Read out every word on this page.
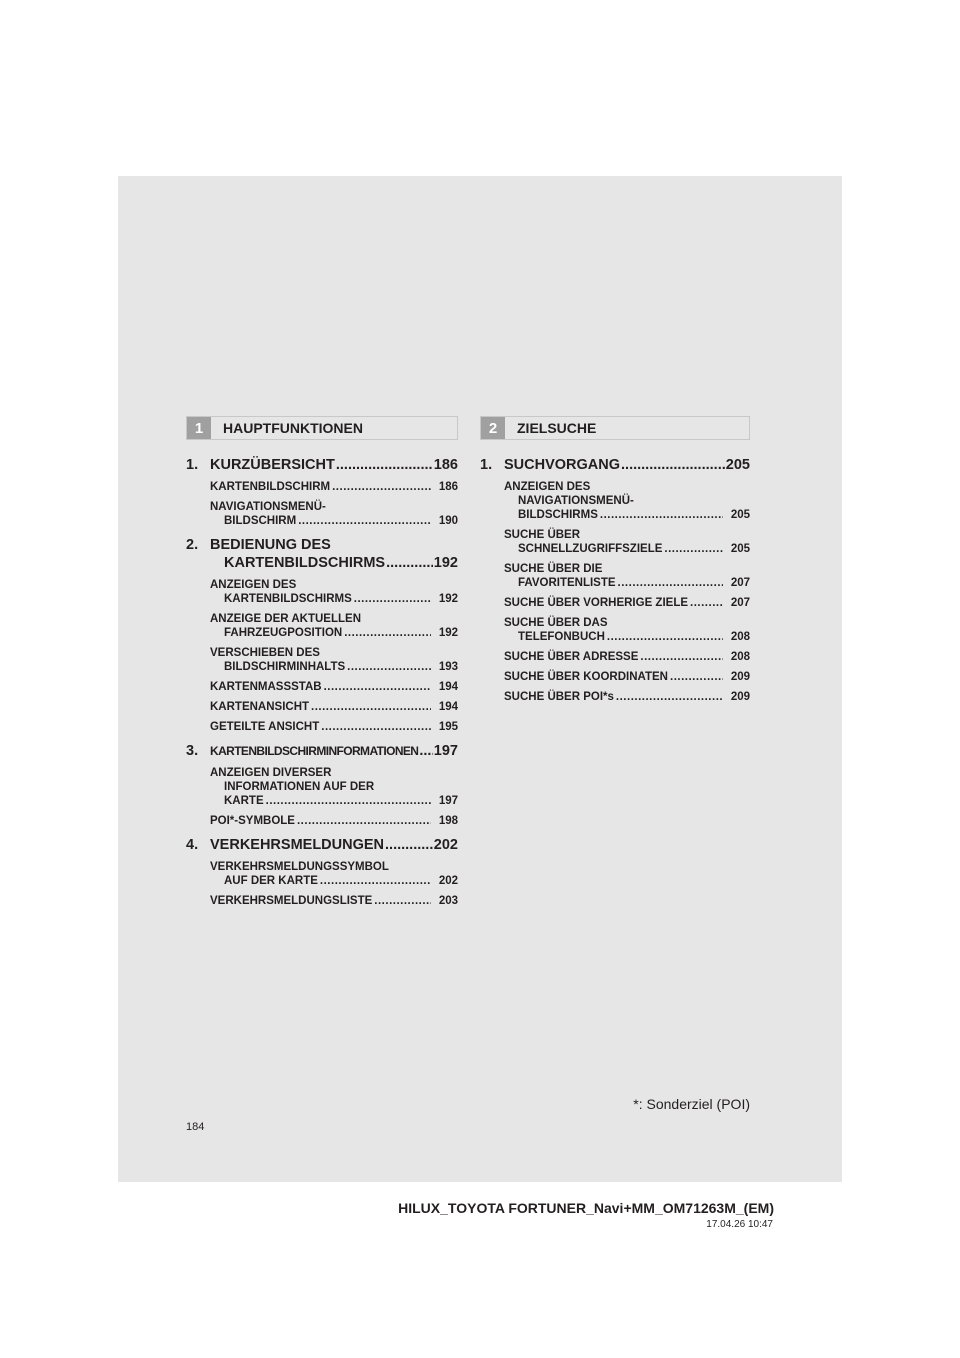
1	HAUPTFUNKTIONEN	2	ZIELSUCHE
1. KURZÜBERSICHT .....	186
KARTENBILDSCHIRM .....	186
NAVIGATIONSMENÜ-
BILDSCHIRM .....	190
2. BEDIENUNG DES
KARTENBILDSCHIRMS .....	192
ANZEIGEN DES
KARTENBILDSCHIRMS .....	192
ANZEIGE DER AKTUELLEN
FAHRZEUGPOSITION .....	192
VERSCHIEBEN DES
BILDSCHIRMINHALTS .....	193
KARTENMASSSTAB .....	194
KARTENANSICHT .....	194
GETEILTE ANSICHT .....	195
3. KARTENBILDSCHIRMINFORMATIONEN ..... 197
ANZEIGEN DIVERSER
INFORMATIONEN AUF DER
KARTE .....	197
POI*-SYMBOLE .....	198
4. VERKEHRSMELDUNGEN .....	202
VERKEHRSMELDUNGSSYMBOL
AUF DER KARTE .....	202
VERKEHRSMELDUNGSLISTE .....	203
1. SUCHVORGANG .....	205
ANZEIGEN DES
NAVIGATIONSMENÜ-
BILDSCHIRMS .....	205
SUCHE ÜBER
SCHNELLZUGRIFFSZIELE .....	205
SUCHE ÜBER DIE
FAVORITENLISTE .....	207
SUCHE ÜBER VORHERIGE ZIELE .....	207
SUCHE ÜBER DAS
TELEFONBUCH .....	208
SUCHE ÜBER ADRESSE .....	208
SUCHE ÜBER KOORDINATEN .....	209
SUCHE ÜBER POI*s .....	209
*: Sonderziel (POI)
184
HILUX_TOYOTA FORTUNER_Navi+MM_OM71263M_(EM)
17.04.26 10:47
